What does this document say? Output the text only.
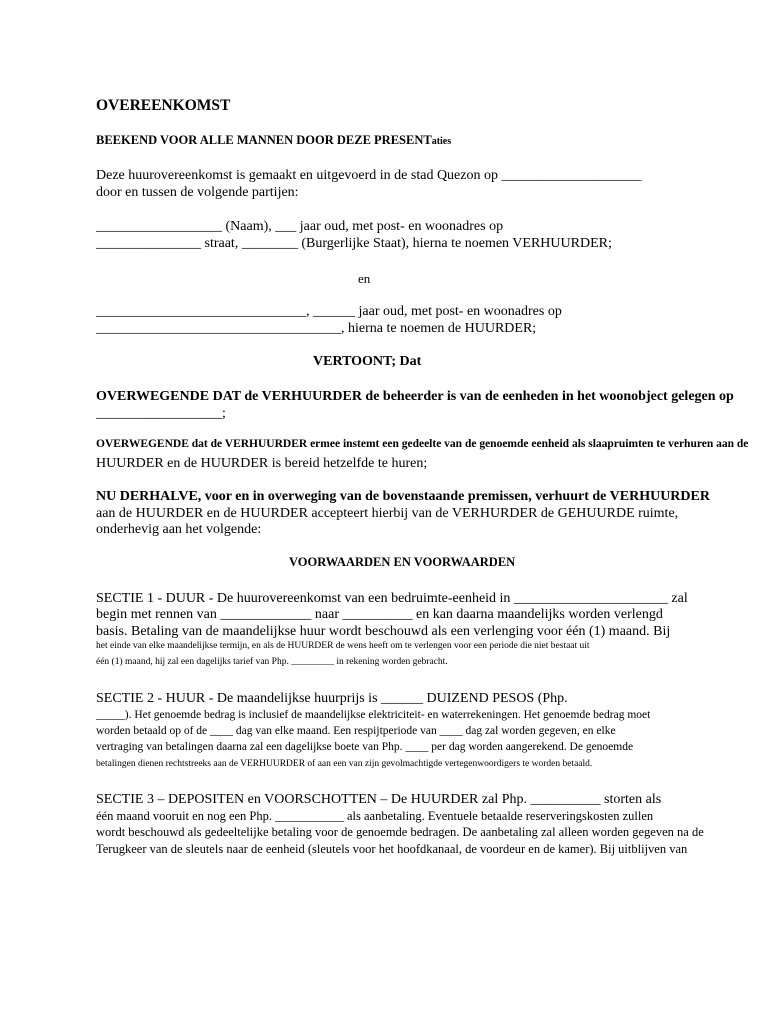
OVEREENKOMST
BEEKEND VOOR ALLE MANNEN DOOR DEZE PRESENTaties
Deze huurovereenkomst is gemaakt en uitgevoerd in de stad Quezon op ____________________
door en tussen de volgende partijen:
__________________ (Naam), ___ jaar oud, met post- en woonadres op
_______________ straat, ________ (Burgerlijke Staat), hierna te noemen VERHUURDER;
en
______________________________, ______ jaar oud, met post- en woonadres op
___________________________________, hierna te noemen de HUURDER;
VERTOONT; Dat
OVERWEGENDE DAT de VERHUURDER de beheerder is van de eenheden in het woonobject gelegen op
__________________;
OVERWEGENDE dat de VERHUURDER ermee instemt een gedeelte van de genoemde eenheid als slaapruimten te verhuren aan de
HUURDER en de HUURDER is bereid hetzelfde te huren;
NU DERHALVE, voor en in overweging van de bovenstaande premissen, verhuurt de VERHUURDER
aan de HUURDER en de HUURDER accepteert hierbij van de VERHURDER de GEHUURDE ruimte,
onderhevig aan het volgende:
VOORWAARDEN EN VOORWAARDEN
SECTIE 1 - DUUR - De huurovereenkomst van een bedruimte-eenheid in ______________________ zal
begin met rennen van _____________ naar __________ en kan daarna maandelijks worden verlengd
basis. Betaling van de maandelijkse huur wordt beschouwd als een verlenging voor één (1) maand. Bij
het einde van elke maandelijkse termijn, en als de HUURDER de wens heeft om te verlengen voor een periode die niet bestaat uit
één (1) maand, hij zal een dagelijks tarief van Php. _________ in rekening worden gebracht.
SECTIE 2 - HUUR - De maandelijkse huurprijs is ______ DUIZEND PESOS (Php.
_____). Het genoemde bedrag is inclusief de maandelijkse elektriciteit- en waterrekeningen. Het genoemde bedrag moet
worden betaald op of de ____ dag van elke maand. Een respijtperiode van ____ dag zal worden gegeven, en elke
vertraging van betalingen daarna zal een dagelijkse boete van Php. ____ per dag worden aangerekend. De genoemde
betalingen dienen rechtstreeks aan de VERHUURDER of aan een van zijn gevolmachtigde vertegenwoordigers te worden betaald.
SECTIE 3 – DEPOSITEN en VOORSCHOTTEN – De HUURDER zal Php. __________ storten als
één maand vooruit en nog een Php. ___________ als aanbetaling. Eventuele betaalde reserveringskosten zullen
wordt beschouwd als gedeeltelijke betaling voor de genoemde bedragen. De aanbetaling zal alleen worden gegeven na de
Terugkeer van de sleutels naar de eenheid (sleutels voor het hoofdkanaal, de voordeur en de kamer). Bij uitblijven van
